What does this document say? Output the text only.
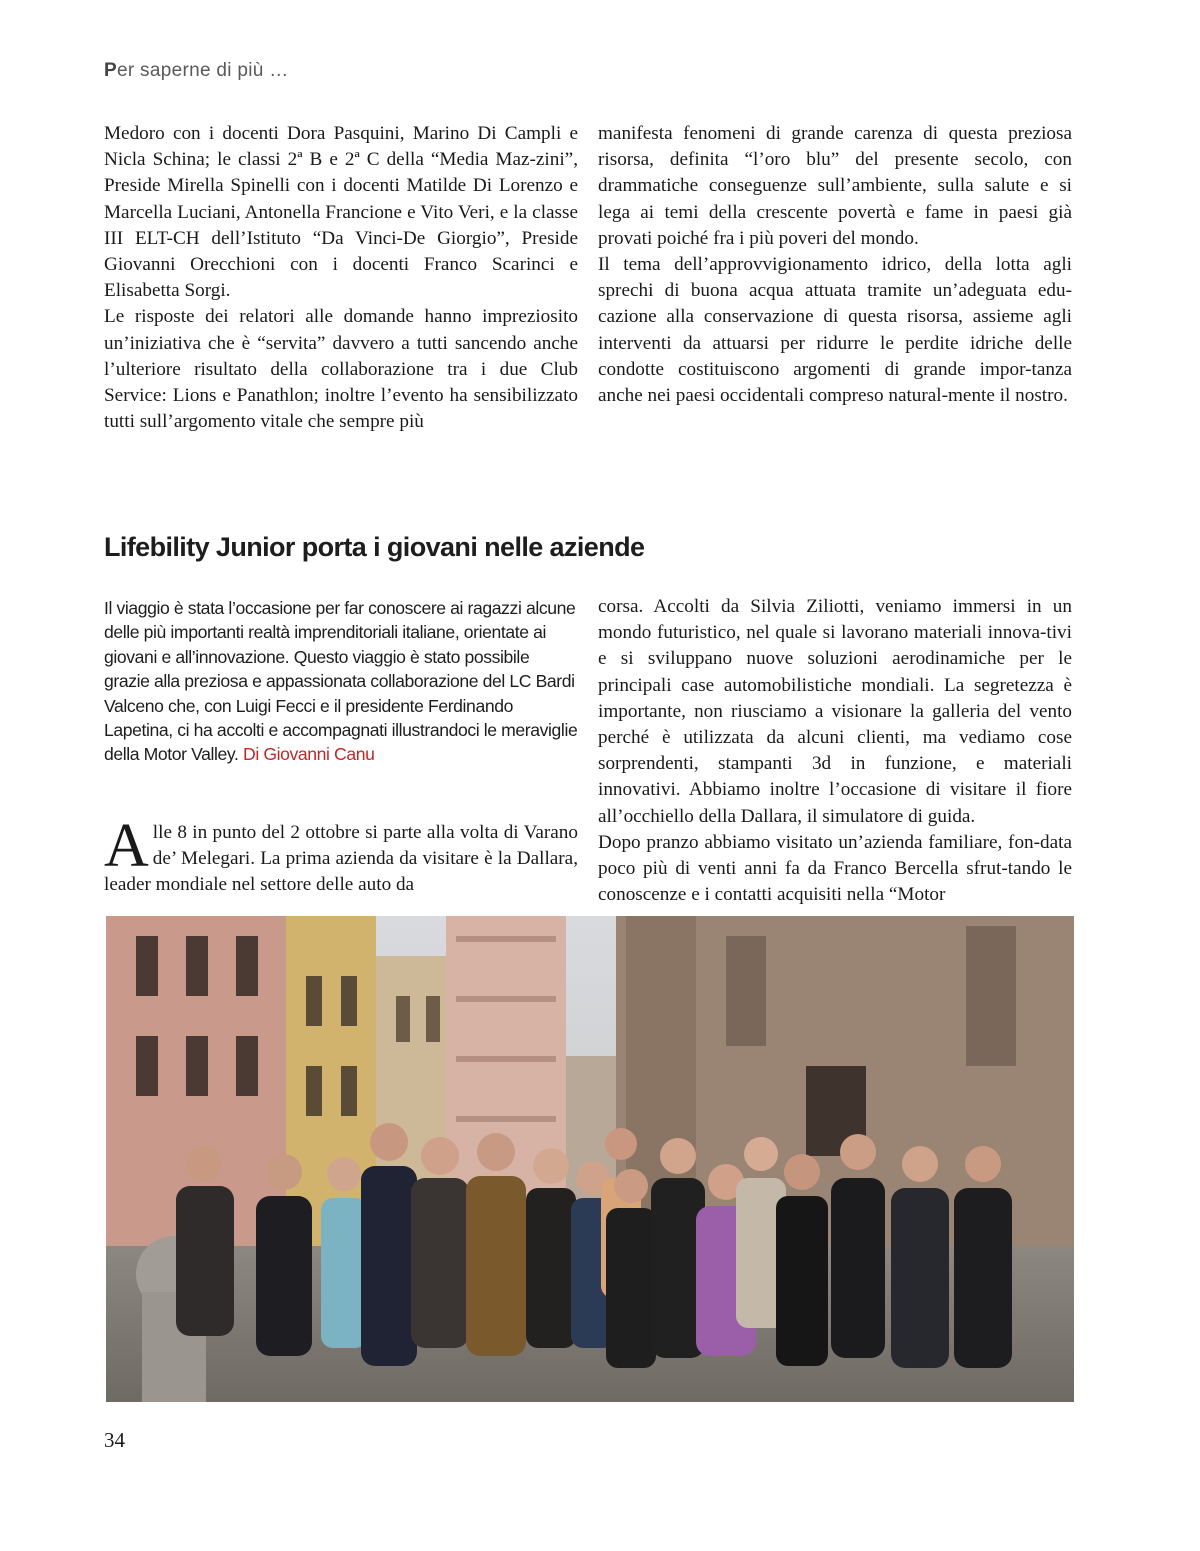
Per saperne di più …

Medoro con i docenti Dora Pasquini, Marino Di Campli e Nicla Schina; le classi 2ª B e 2ª C della “Media Maz-zini”, Preside Mirella Spinelli con i docenti Matilde Di Lorenzo e Marcella Luciani, Antonella Francione e Vito Veri, e la classe III ELT-CH dell’Istituto “Da Vinci-De Giorgio”, Preside Giovanni Orecchioni con i docenti Franco Scarinci e Elisabetta Sorgi.

Le risposte dei relatori alle domande hanno impreziosito un’iniziativa che è “servita” davvero a tutti sancendo anche l’ulteriore risultato della collaborazione tra i due Club Service: Lions e Panathlon; inoltre l’evento ha sensibilizzato tutti sull’argomento vitale che sempre più

manifesta fenomeni di grande carenza di questa preziosa risorsa, definita “l’oro blu” del presente secolo, con drammatiche conseguenze sull’ambiente, sulla salute e si lega ai temi della crescente povertà e fame in paesi già provati poiché fra i più poveri del mondo.

Il tema dell’approvvigionamento idrico, della lotta agli sprechi di buona acqua attuata tramite un’adeguata edu-cazione alla conservazione di questa risorsa, assieme agli interventi da attuarsi per ridurre le perdite idriche delle condotte costituiscono argomenti di grande impor-tanza anche nei paesi occidentali compreso natural-mente il nostro.

Lifebility Junior porta i giovani nelle aziende

Il viaggio è stata l’occasione per far conoscere ai ragazzi alcune delle più importanti realtà imprenditoriali italiane, orientate ai giovani e all’innovazione. Questo viaggio è stato possibile grazie alla preziosa e appassionata collaborazione del LC Bardi Valceno che, con Luigi Fecci e il presidente Ferdinando Lapetina, ci ha accolti e accompagnati illustrandoci le meraviglie della Motor Valley. Di Giovanni Canu

Alle 8 in punto del 2 ottobre si parte alla volta di Varano de’ Melegari. La prima azienda da visitare è la Dallara, leader mondiale nel settore delle auto da

corsa. Accolti da Silvia Ziliotti, veniamo immersi in un mondo futuristico, nel quale si lavorano materiali innova-tivi e si sviluppano nuove soluzioni aerodinamiche per le principali case automobilistiche mondiali. La segretezza è importante, non riusciamo a visionare la galleria del vento perché è utilizzata da alcuni clienti, ma vediamo cose sorprendenti, stampanti 3d in funzione, e materiali innovativi. Abbiamo inoltre l’occasione di visitare il fiore all’occhiello della Dallara, il simulatore di guida.

Dopo pranzo abbiamo visitato un’azienda familiare, fon-data poco più di venti anni fa da Franco Bercella sfrut-tando le conoscenze e i contatti acquisiti nella “Motor

34
